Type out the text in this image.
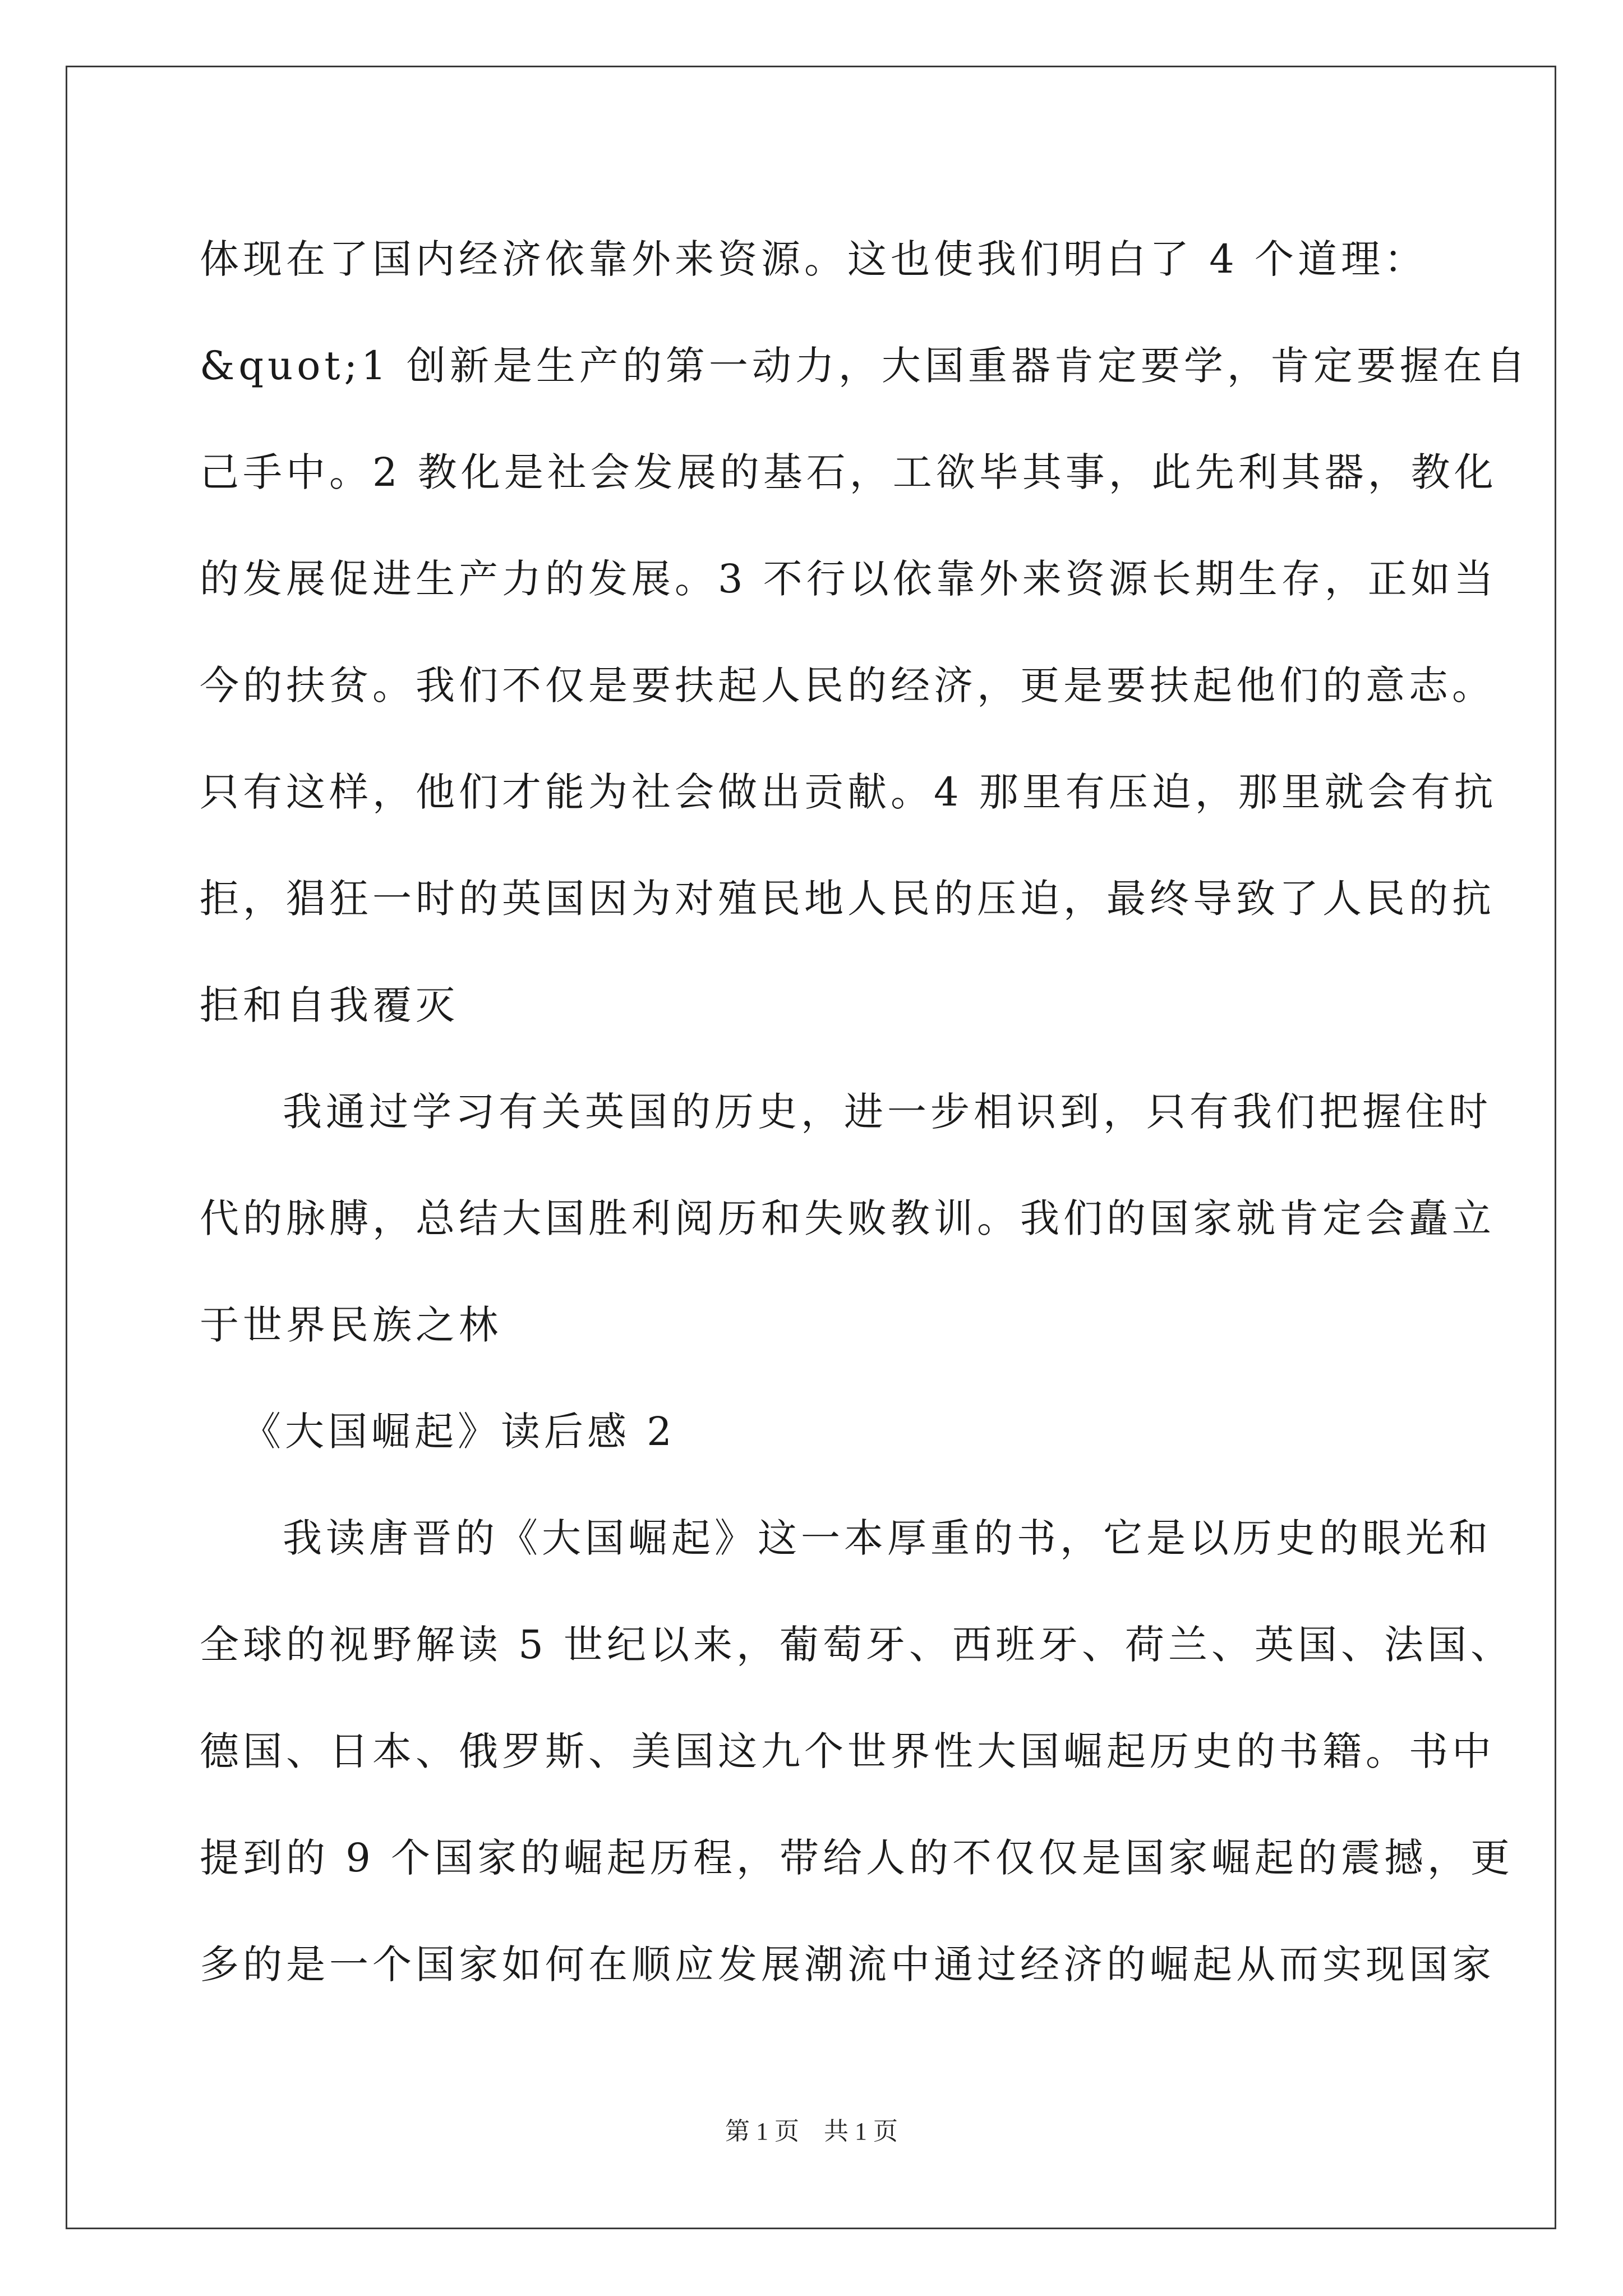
体现在了国内经济依靠外来资源。这也使我们明白了 4 个道理：
&quot;1 创新是生产的第一动力，大国重器肯定要学，肯定要握在自
己手中。2 教化是社会发展的基石，工欲毕其事，此先利其器，教化
的发展促进生产力的发展。3 不行以依靠外来资源长期生存，正如当
今的扶贫。我们不仅是要扶起人民的经济，更是要扶起他们的意志。
只有这样，他们才能为社会做出贡献。4 那里有压迫，那里就会有抗
拒，猖狂一时的英国因为对殖民地人民的压迫，最终导致了人民的抗
拒和自我覆灭
我通过学习有关英国的历史，进一步相识到，只有我们把握住时
代的脉膊，总结大国胜利阅历和失败教训。我们的国家就肯定会矗立
于世界民族之林
《大国崛起》读后感 2
我读唐晋的《大国崛起》这一本厚重的书，它是以历史的眼光和
全球的视野解读 5 世纪以来，葡萄牙、西班牙、荷兰、英国、法国、
德国、日本、俄罗斯、美国这九个世界性大国崛起历史的书籍。书中
提到的 9 个国家的崛起历程，带给人的不仅仅是国家崛起的震撼，更
多的是一个国家如何在顺应发展潮流中通过经济的崛起从而实现国家
第 1 页    共 1 页
